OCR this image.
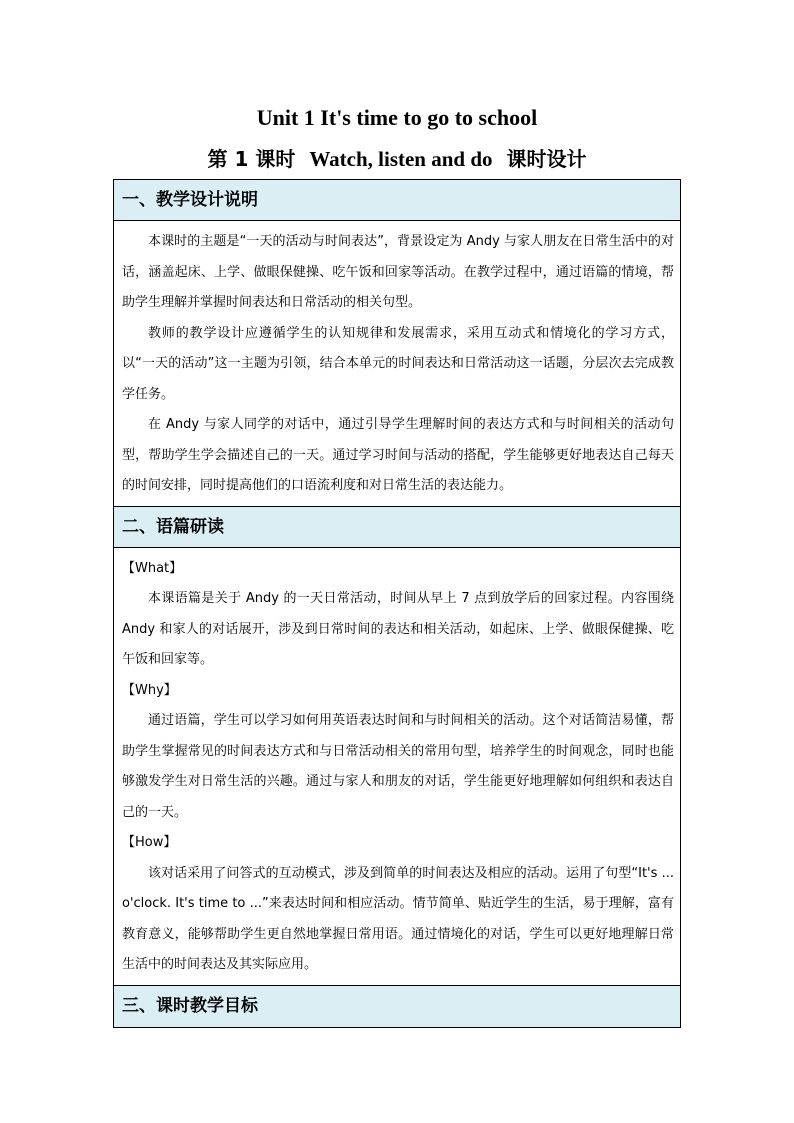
Unit 1 It's time to go to school
第 1 课时 Watch, listen and do 课时设计
一、教学设计说明

本课时的主题是“一天的活动与时间表达”，背景设定为 Andy 与家人朋友在日常生活中的对话，涵盖起床、上学、做眼保健操、吃午饭和回家等活动。在教学过程中，通过语篇的情境，帮助学生理解并掌握时间表达和日常活动的相关句型。

教师的教学设计应遵循学生的认知规律和发展需求，采用互动式和情境化的学习方式，以“一天的活动”这一主题为引领，结合本单元的时间表达和日常活动这一话题，分层次去完成教学任务。

在 Andy 与家人同学的对话中，通过引导学生理解时间的表达方式和与时间相关的活动句型，帮助学生学会描述自己的一天。通过学习时间与活动的搭配，学生能够更好地表达自己每天的时间安排，同时提高他们的口语流利度和对日常生活的表达能力。

二、语篇研读

【What】

本课语篇是关于 Andy 的一天日常活动，时间从早上 7 点到放学后的回家过程。内容围绕 Andy 和家人的对话展开，涉及到日常时间的表达和相关活动，如起床、上学、做眼保健操、吃午饭和回家等。

【Why】

通过语篇，学生可以学习如何用英语表达时间和与时间相关的活动。这个对话简洁易懂，帮助学生掌握常见的时间表达方式和与日常活动相关的常用句型，培养学生的时间观念，同时也能够激发学生对日常生活的兴趣。通过与家人和朋友的对话，学生能更好地理解如何组织和表达自己的一天。

【How】

该对话采用了问答式的互动模式，涉及到简单的时间表达及相应的活动。运用了句型“It's ... o'clock. It's time to ...”来表达时间和相应活动。情节简单、贴近学生的生活，易于理解，富有教育意义，能够帮助学生更自然地掌握日常用语。通过情境化的对话，学生可以更好地理解日常生活中的时间表达及其实际应用。

三、课时教学目标
